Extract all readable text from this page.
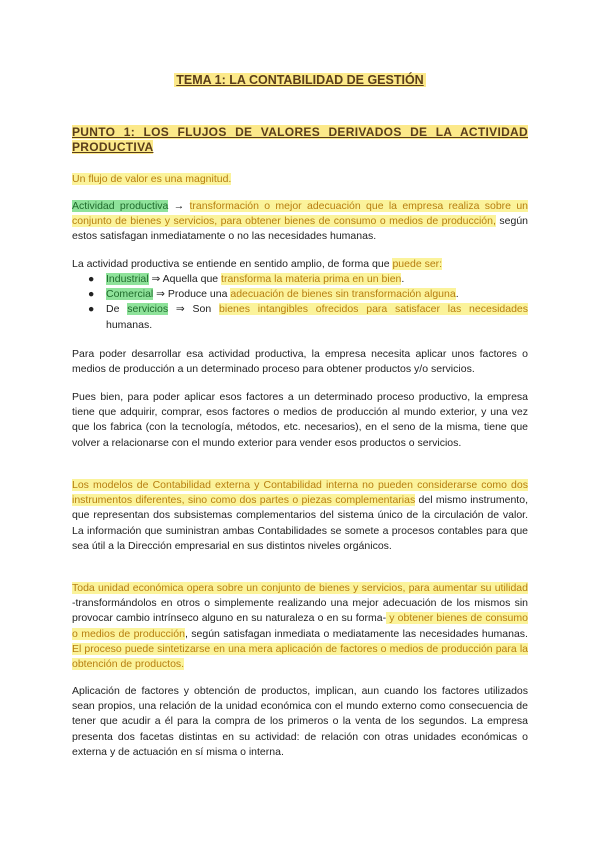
TEMA 1: LA CONTABILIDAD DE GESTIÓN
PUNTO 1: LOS FLUJOS DE VALORES DERIVADOS DE LA ACTIVIDAD PRODUCTIVA
Un flujo de valor es una magnitud.
Actividad productiva → transformación o mejor adecuación que la empresa realiza sobre un conjunto de bienes y servicios, para obtener bienes de consumo o medios de producción, según estos satisfagan inmediatamente o no las necesidades humanas.
La actividad productiva se entiende en sentido amplio, de forma que puede ser:
● Industrial ⇒ Aquella que transforma la materia prima en un bien.
● Comercial ⇒ Produce una adecuación de bienes sin transformación alguna.
● De servicios ⇒ Son bienes intangibles ofrecidos para satisfacer las necesidades humanas.
Para poder desarrollar esa actividad productiva, la empresa necesita aplicar unos factores o medios de producción a un determinado proceso para obtener productos y/o servicios.
Pues bien, para poder aplicar esos factores a un determinado proceso productivo, la empresa tiene que adquirir, comprar, esos factores o medios de producción al mundo exterior, y una vez que los fabrica (con la tecnología, métodos, etc. necesarios), en el seno de la misma, tiene que volver a relacionarse con el mundo exterior para vender esos productos o servicios.
Los modelos de Contabilidad externa y Contabilidad interna no pueden considerarse como dos instrumentos diferentes, sino como dos partes o piezas complementarias del mismo instrumento, que representan dos subsistemas complementarios del sistema único de la circulación de valor. La información que suministran ambas Contabilidades se somete a procesos contables para que sea útil a la Dirección empresarial en sus distintos niveles orgánicos.
Toda unidad económica opera sobre un conjunto de bienes y servicios, para aumentar su utilidad -transformándolos en otros o simplemente realizando una mejor adecuación de los mismos sin provocar cambio intrínseco alguno en su naturaleza o en su forma- y obtener bienes de consumo o medios de producción, según satisfagan inmediata o mediatamente las necesidades humanas. El proceso puede sintetizarse en una mera aplicación de factores o medios de producción para la obtención de productos.
Aplicación de factores y obtención de productos, implican, aun cuando los factores utilizados sean propios, una relación de la unidad económica con el mundo externo como consecuencia de tener que acudir a él para la compra de los primeros o la venta de los segundos. La empresa presenta dos facetas distintas en su actividad: de relación con otras unidades económicas o externa y de actuación en sí misma o interna.
